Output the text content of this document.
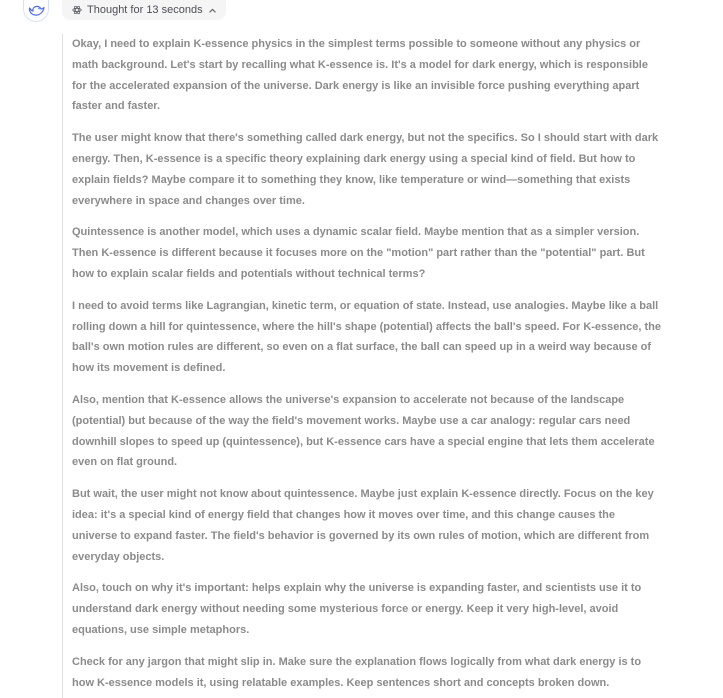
Thought for 13 seconds

Okay, I need to explain K-essence physics in the simplest terms possible to someone without any physics or math background. Let's start by recalling what K-essence is. It's a model for dark energy, which is responsible for the accelerated expansion of the universe. Dark energy is like an invisible force pushing everything apart faster and faster.

The user might know that there's something called dark energy, but not the specifics. So I should start with dark energy. Then, K-essence is a specific theory explaining dark energy using a special kind of field. But how to explain fields? Maybe compare it to something they know, like temperature or wind—something that exists everywhere in space and changes over time.

Quintessence is another model, which uses a dynamic scalar field. Maybe mention that as a simpler version. Then K-essence is different because it focuses more on the "motion" part rather than the "potential" part. But how to explain scalar fields and potentials without technical terms?

I need to avoid terms like Lagrangian, kinetic term, or equation of state. Instead, use analogies. Maybe like a ball rolling down a hill for quintessence, where the hill's shape (potential) affects the ball's speed. For K-essence, the ball's own motion rules are different, so even on a flat surface, the ball can speed up in a weird way because of how its movement is defined.

Also, mention that K-essence allows the universe's expansion to accelerate not because of the landscape (potential) but because of the way the field's movement works. Maybe use a car analogy: regular cars need downhill slopes to speed up (quintessence), but K-essence cars have a special engine that lets them accelerate even on flat ground.

But wait, the user might not know about quintessence. Maybe just explain K-essence directly. Focus on the key idea: it's a special kind of energy field that changes how it moves over time, and this change causes the universe to expand faster. The field's behavior is governed by its own rules of motion, which are different from everyday objects.

Also, touch on why it's important: helps explain why the universe is expanding faster, and scientists use it to understand dark energy without needing some mysterious force or energy. Keep it very high-level, avoid equations, use simple metaphors.

Check for any jargon that might slip in. Make sure the explanation flows logically from what dark energy is to how K-essence models it, using relatable examples. Keep sentences short and concepts broken down.
